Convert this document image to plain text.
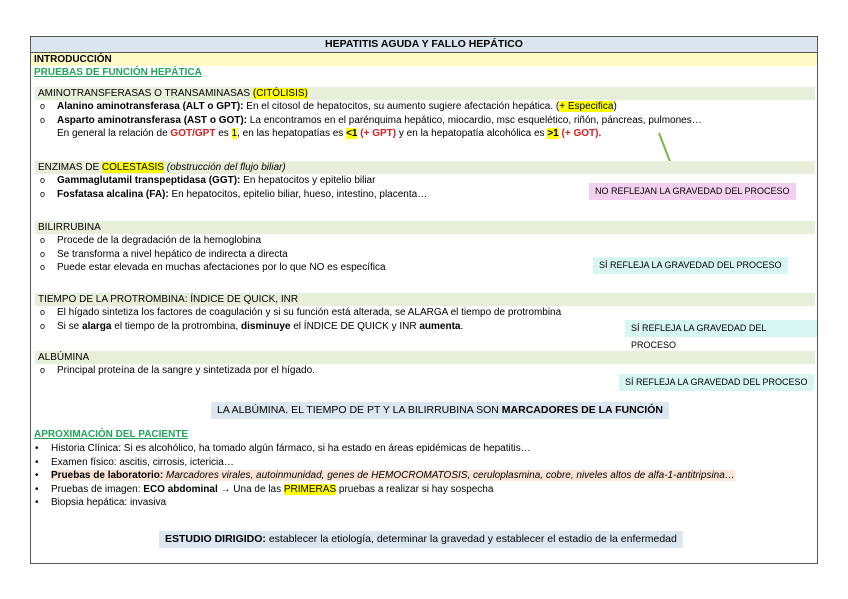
HEPATITIS AGUDA Y FALLO HEPÁTICO
INTRODUCCIÓN
PRUEBAS DE FUNCIÓN HEPÁTICA
AMINOTRANSFERASAS O TRANSAMINASAS (CITÓLISIS)
o Alanino aminotransferasa (ALT o GPT): En el citosol de hepatocitos, su aumento sugiere afectación hepática. (+ Especifica)
o Asparto aminotransferasa (AST o GOT): La encontramos en el parénquima hepático, miocardio, msc esquelético, riñón, páncreas, pulmones…
En general la relación de GOT/GPT es 1, en las hepatopatías es <1 (+ GPT) y en la hepatopatía alcohólica es >1 (+ GOT).
ENZIMAS DE COLESTASIS (obstrucción del flujo biliar)
o Gammaglutamil transpeptidasa (GGT): En hepatocitos y epitelio biliar
o Fosfatasa alcalina (FA): En hepatocitos, epitelio biliar, hueso, intestino, placenta…	NO REFLEJAN LA GRAVEDAD DEL PROCESO
BILIRRUBINA
o Procede de la degradación de la hemoglobina
o Se transforma a nivel hepático de indirecta a directa
o Puede estar elevada en muchas afectaciones por lo que NO es específica	SÍ REFLEJA LA GRAVEDAD DEL PROCESO
TIEMPO DE LA PROTROMBINA: ÍNDICE DE QUICK, INR
o El hígado sintetiza los factores de coagulación y si su función está alterada, se ALARGA el tiempo de protrombina
o Si se alarga el tiempo de la protrombina, disminuye el ÍNDICE DE QUICK y INR aumenta.	SÍ REFLEJA LA GRAVEDAD DEL PROCESO
ALBÚMINA
o Principal proteína de la sangre y sintetizada por el hígado.
SÍ REFLEJA LA GRAVEDAD DEL PROCESO
LA ALBÚMINA. EL TIEMPO DE PT Y LA BILIRRUBINA SON MARCADORES DE LA FUNCIÓN
APROXIMACIÓN DEL PACIENTE
• Historia Clínica: Si es alcohólico, ha tomado algún fármaco, si ha estado en áreas epidémicas de hepatitis…
• Examen físico: ascitis, cirrosis, ictericia…
• Pruebas de laboratorio: Marcadores virales, autoinmunidad, genes de HEMOCROMATOSIS, ceruloplasmina, cobre, niveles altos de alfa-1-antitripsina…
• Pruebas de imagen: ECO abdominal → Una de las PRIMERAS pruebas a realizar si hay sospecha
• Biopsia hepática: invasiva
ESTUDIO DIRIGIDO: establecer la etiología, determinar la gravedad y establecer el estadio de la enfermedad
